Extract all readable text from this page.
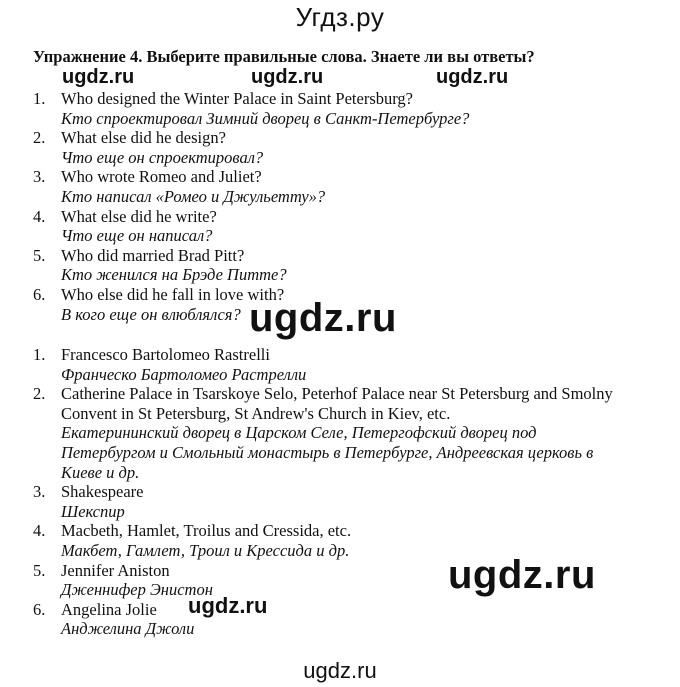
Угдз.ру
Упражнение 4. Выберите правильные слова. Знаете ли вы ответы?
ugdz.ru	ugdz.ru	ugdz.ru
ugdz.ru
ugdz.ru
ugdz.ru
ugdz.ru
1. Who designed the Winter Palace in Saint Petersburg?
Кто спроектировал Зимний дворец в Санкт-Петербурге?
2. What else did he design?
Что еще он спроектировал?
3. Who wrote Romeo and Juliet?
Кто написал «Ромео и Джульетту»?
4. What else did he write?
Что еще он написал?
5. Who did married Brad Pitt?
Кто женился на Брэде Питте?
6. Who else did he fall in love with?
В кого еще он влюблялся?
1. Francesco Bartolomeo Rastrelli
Франческо Бартоломео Растрелли
2. Catherine Palace in Tsarskoye Selo, Peterhof Palace near St Petersburg and Smolny Convent in St Petersburg, St Andrew's Church in Kiev, etc.
Екатерининский дворец в Царском Селе, Петергофский дворец под Петербургом и Смольный монастырь в Петербурге, Андреевская церковь в Киеве и др.
3. Shakespeare
Шекспир
4. Macbeth, Hamlet, Troilus and Cressida, etc.
Макбет, Гамлет, Троил и Крессида и др.
5. Jennifer Aniston
Дженнифер Энистон
6. Angelina Jolie
Анджелина Джоли
